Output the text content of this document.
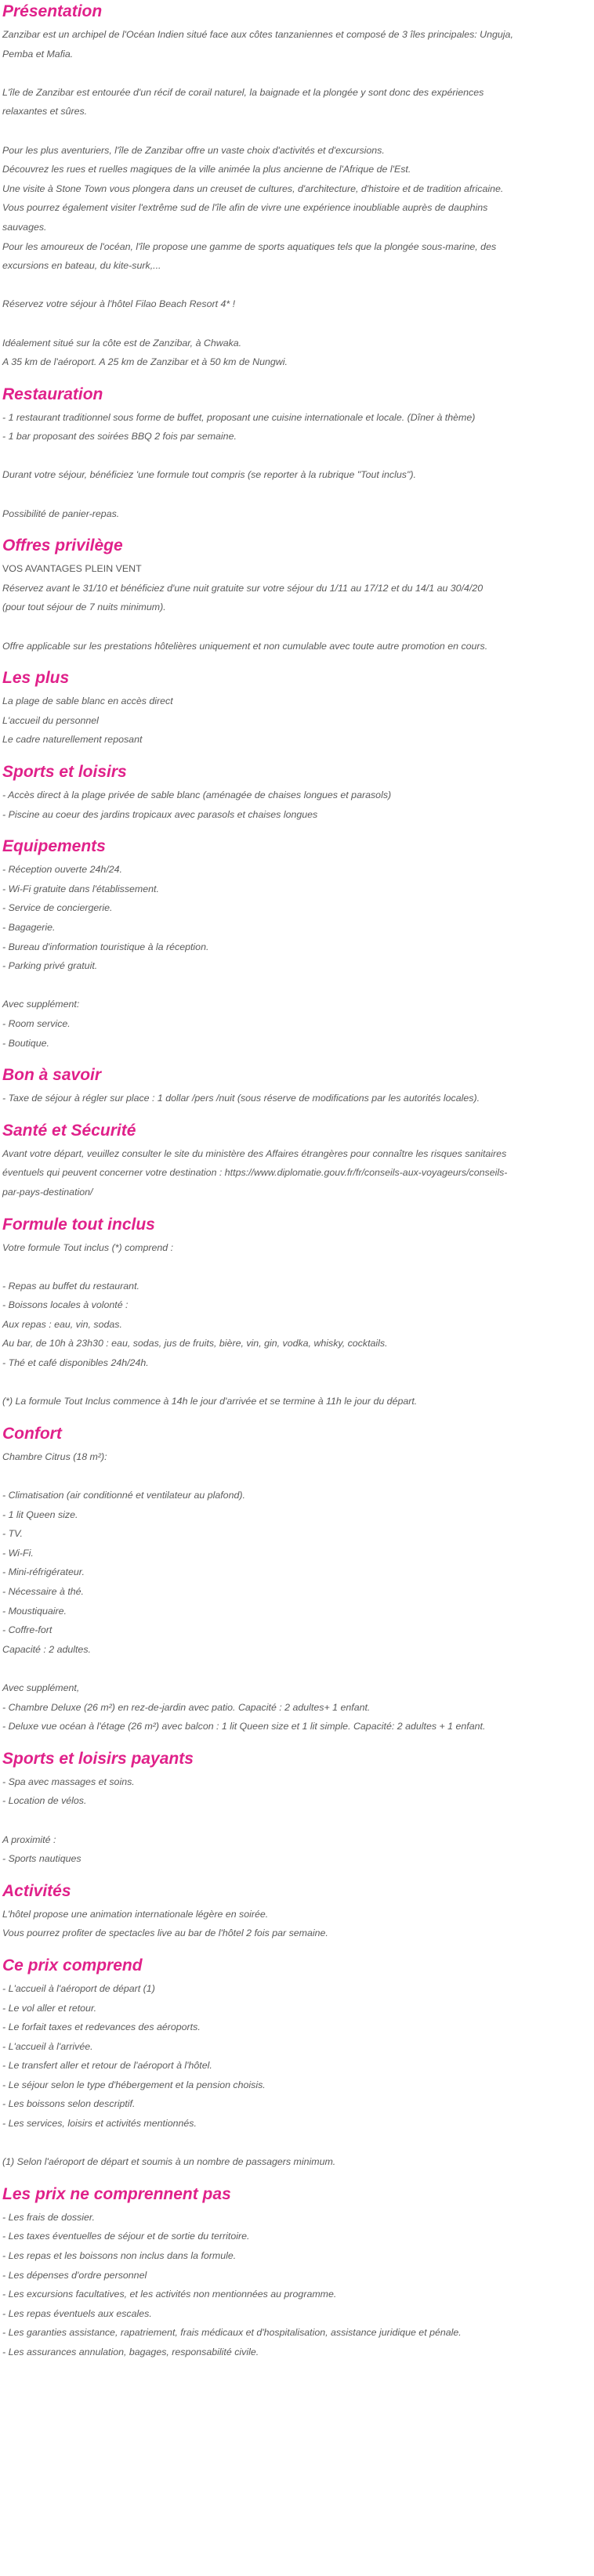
Présentation
Zanzibar est un archipel de l'Océan Indien situé face aux côtes tanzaniennes et composé de 3 îles principales: Unguja,
Pemba et Mafia.
L'île de Zanzibar est entourée d'un récif de corail naturel, la baignade et la plongée y sont donc des expériences
relaxantes et sûres.
Pour les plus aventuriers, l'île de Zanzibar offre un vaste choix d'activités et d'excursions.
Découvrez les rues et ruelles magiques de la ville animée la plus ancienne de l'Afrique de l'Est.
Une visite à Stone Town vous plongera dans un creuset de cultures, d'architecture, d'histoire et de tradition africaine.
Vous pourrez également visiter l'extrême sud de l'île afin de vivre une expérience inoubliable auprès de dauphins
sauvages.
Pour les amoureux de l'océan, l'île propose une gamme de sports aquatiques tels que la plongée sous-marine, des
excursions en bateau, du kite-surk,...
Réservez votre séjour à l'hôtel Filao Beach Resort 4* !
Idéalement situé sur la côte est de Zanzibar, à Chwaka.
A 35 km de l'aéroport. A 25 km de Zanzibar et à 50 km de Nungwi.
Restauration
- 1 restaurant traditionnel sous forme de buffet, proposant une cuisine internationale et locale. (Dîner à thème)
- 1 bar proposant des soirées BBQ 2 fois par semaine.
Durant votre séjour, bénéficiez 'une formule tout compris (se reporter à la rubrique "Tout inclus").
Possibilité de panier-repas.
Offres privilège
VOS AVANTAGES PLEIN VENT
Réservez avant le 31/10 et bénéficiez d'une nuit gratuite sur votre séjour du 1/11 au 17/12 et du 14/1 au 30/4/20
(pour tout séjour de 7 nuits minimum).
Offre applicable sur les prestations hôtelières uniquement et non cumulable avec toute autre promotion en cours.
Les plus
La plage de sable blanc en accès direct
L'accueil du personnel
Le cadre naturellement reposant
Sports et loisirs
- Accès direct à la plage privée de sable blanc (aménagée de chaises longues et parasols)
- Piscine au coeur des jardins tropicaux avec parasols et chaises longues
Equipements
- Réception ouverte 24h/24.
- Wi-Fi gratuite dans l'établissement.
- Service de conciergerie.
- Bagagerie.
- Bureau d'information touristique à la réception.
- Parking privé gratuit.
Avec supplément:
- Room service.
- Boutique.
Bon à savoir
- Taxe de séjour à régler sur place : 1 dollar /pers /nuit (sous réserve de modifications par les autorités locales).
Santé et Sécurité
Avant votre départ, veuillez consulter le site du ministère des Affaires étrangères pour connaître les risques sanitaires
éventuels qui peuvent concerner votre destination : https://www.diplomatie.gouv.fr/fr/conseils-aux-voyageurs/conseils-
par-pays-destination/
Formule tout inclus
Votre formule Tout inclus (*) comprend :
- Repas au buffet du restaurant.
- Boissons locales à volonté :
Aux repas : eau, vin, sodas.
Au bar, de 10h à 23h30 : eau, sodas, jus de fruits, bière, vin, gin, vodka, whisky, cocktails.
- Thé et café disponibles 24h/24h.
(*) La formule Tout Inclus commence à 14h le jour d'arrivée et se termine à 11h le jour du départ.
Confort
Chambre Citrus (18 m²):
- Climatisation (air conditionné et ventilateur au plafond).
- 1 lit Queen size.
- TV.
- Wi-Fi.
- Mini-réfrigérateur.
- Nécessaire à thé.
- Moustiquaire.
- Coffre-fort
Capacité : 2 adultes.
Avec supplément,
- Chambre Deluxe (26 m²) en rez-de-jardin avec patio. Capacité : 2 adultes+ 1 enfant.
- Deluxe vue océan à l'étage (26 m²) avec balcon : 1 lit Queen size et 1 lit simple. Capacité: 2 adultes + 1 enfant.
Sports et loisirs payants
- Spa avec massages et soins.
- Location de vélos.
A proximité :
- Sports nautiques
Activités
L'hôtel propose une animation internationale légère en soirée.
Vous pourrez profiter de spectacles live au bar de l'hôtel 2 fois par semaine.
Ce prix comprend
- L'accueil à l'aéroport de départ (1)
- Le vol aller et retour.
- Le forfait taxes et redevances des aéroports.
- L'accueil à l'arrivée.
- Le transfert aller et retour de l'aéroport à l'hôtel.
- Le séjour selon le type d'hébergement et la pension choisis.
- Les boissons selon descriptif.
- Les services, loisirs et activités mentionnés.
(1) Selon l'aéroport de départ et soumis à un nombre de passagers minimum.
Les prix ne comprennent pas
- Les frais de dossier.
- Les taxes éventuelles de séjour et de sortie du territoire.
- Les repas et les boissons non inclus dans la formule.
- Les dépenses d'ordre personnel
- Les excursions facultatives, et les activités non mentionnées au programme.
- Les repas éventuels aux escales.
- Les garanties assistance, rapatriement, frais médicaux et d'hospitalisation, assistance juridique et pénale.
- Les assurances annulation, bagages, responsabilité civile.
